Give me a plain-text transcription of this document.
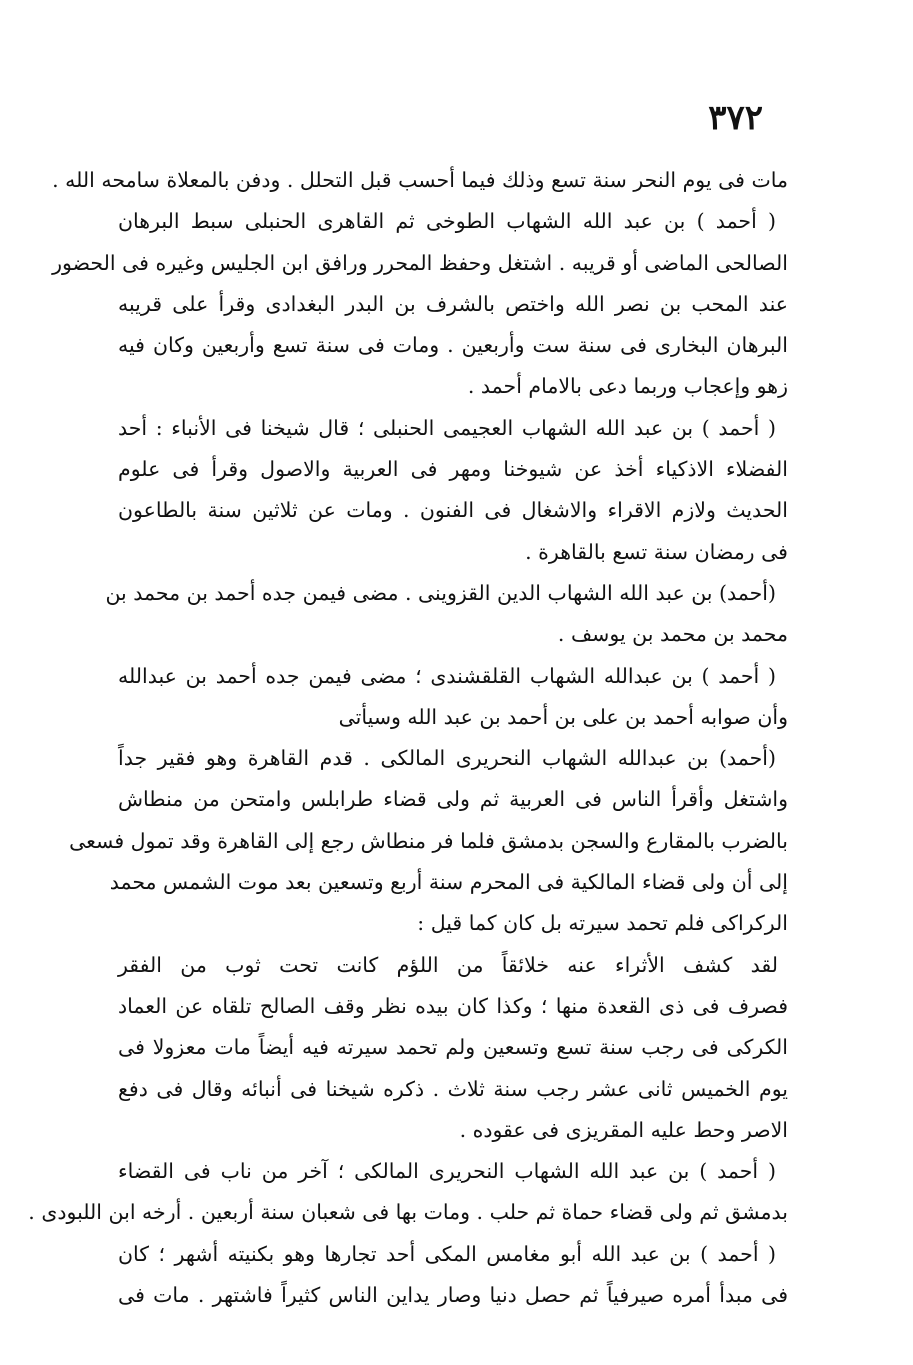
٣٧٢
مات فى يوم النحر سنة تسع وذلك فيما أحسب قبل التحلل . ودفن بالمعلاة سامحه الله .
( أحمد ) بن عبد الله الشهاب الطوخى ثم القاهرى الحنبلى سبط البرهان
الصالحى الماضى أو قريبه . اشتغل وحفظ المحرر ورافق ابن الجليس وغيره فى الحضور
عند المحب بن نصر الله واختص بالشرف بن البدر البغدادى وقرأ على قريبه
البرهان البخارى فى سنة ست وأربعين . ومات فى سنة تسع وأربعين وكان فيه
زهو وإعجاب وربما دعى بالامام أحمد .
( أحمد ) بن عبد الله الشهاب العجيمى الحنبلى ؛ قال شيخنا فى الأنباء : أحد
الفضلاء الاذكياء أخذ عن شيوخنا ومهر فى العربية والاصول وقرأ فى علوم
الحديث ولازم الاقراء والاشغال فى الفنون . ومات عن ثلاثين سنة بالطاعون
فى رمضان سنة تسع بالقاهرة .
(أحمد) بن عبد الله الشهاب الدين القزوينى . مضى فيمن جده أحمد بن محمد بن
محمد بن محمد بن يوسف .
( أحمد ) بن عبدالله الشهاب القلقشندى ؛ مضى فيمن جده أحمد بن عبدالله
وأن صوابه أحمد بن على بن أحمد بن عبد الله وسيأتى
(أحمد) بن عبدالله الشهاب النحريرى المالكى . قدم القاهرة وهو فقير جداً
واشتغل وأقرأ الناس فى العربية ثم ولى قضاء طرابلس وامتحن من منطاش
بالضرب بالمقارع والسجن بدمشق فلما فر منطاش رجع إلى القاهرة وقد تمول فسعى
إلى أن ولى قضاء المالكية فى المحرم سنة أربع وتسعين بعد موت الشمس محمد
الركراكى فلم تحمد سيرته بل كان كما قيل :
لقد كشف الأثراء عنه خلائقاً من اللؤم كانت تحت ثوب من الفقر
فصرف فى ذى القعدة منها ؛ وكذا كان بيده نظر وقف الصالح تلقاه عن العماد
الكركى فى رجب سنة تسع وتسعين ولم تحمد سيرته فيه أيضاً مات معزولا فى
يوم الخميس ثانى عشر رجب سنة ثلاث . ذكره شيخنا فى أنبائه وقال فى دفع
الاصر وحط عليه المقريزى فى عقوده .
( أحمد ) بن عبد الله الشهاب النحريرى المالكى ؛ آخر من ناب فى القضاء
بدمشق ثم ولى قضاء حماة ثم حلب . ومات بها فى شعبان سنة أربعين . أرخه ابن اللبودى .
( أحمد ) بن عبد الله أبو مغامس المكى أحد تجارها وهو بكنيته أشهر ؛ كان
فى مبدأ أمره صيرفياً ثم حصل دنيا وصار يداين الناس كثيراً فاشتهر . مات فى
